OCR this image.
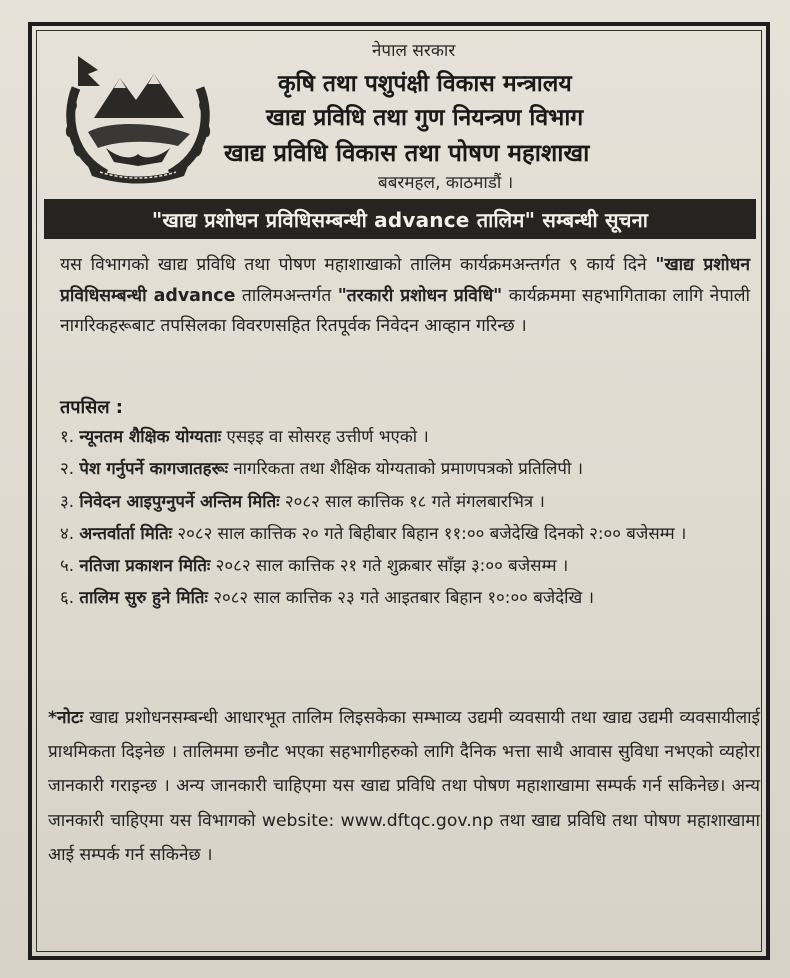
नेपाल सरकार
कृषि तथा पशुपंक्षी विकास मन्त्रालय
खाद्य प्रविधि तथा गुण नियन्त्रण विभाग
खाद्य प्रविधि विकास तथा पोषण महाशाखा
बबरमहल, काठमाडौं ।
"खाद्य प्रशोधन प्रविधिसम्बन्धी advance तालिम" सम्बन्धी सूचना
यस विभागको खाद्य प्रविधि तथा पोषण महाशाखाको तालिम कार्यक्रमअन्तर्गत ९ कार्य दिने "खाद्य प्रशोधन प्रविधिसम्बन्धी advance तालिमअन्तर्गत "तरकारी प्रशोधन प्रविधि" कार्यक्रममा सहभागिताका लागि नेपाली नागरिकहरूबाट तपसिलका विवरणसहित रितपूर्वक निवेदन आव्हान गरिन्छ ।
तपसिल :
१. न्यूनतम शैक्षिक योग्यताः एसइइ वा सोसरह उत्तीर्ण भएको ।
२. पेश गर्नुपर्ने कागजातहरूः नागरिकता तथा शैक्षिक योग्यताको प्रमाणपत्रको प्रतिलिपी ।
३. निवेदन आइपुग्नुपर्ने अन्तिम मितिः २०८२ साल कात्तिक १८ गते मंगलबारभित्र ।
४. अन्तर्वार्ता मितिः २०८२ साल कात्तिक २० गते बिहीबार बिहान ११:०० बजेदेखि दिनको २:०० बजेसम्म ।
५. नतिजा प्रकाशन मितिः २०८२ साल कात्तिक २१ गते शुक्रबार साँझ ३:०० बजेसम्म ।
६. तालिम सुरु हुने मितिः २०८२ साल कात्तिक २३ गते आइतबार बिहान १०:०० बजेदेखि ।
*नोटः खाद्य प्रशोधनसम्बन्धी आधारभूत तालिम लिइसकेका सम्भाव्य उद्यमी व्यवसायी तथा खाद्य उद्यमी व्यवसायीलाई प्राथमिकता दिइनेछ । तालिममा छनौट भएका सहभागीहरुको लागि दैनिक भत्ता साथै आवास सुविधा नभएको व्यहोरा जानकारी गराइन्छ । अन्य जानकारी चाहिएमा यस खाद्य प्रविधि तथा पोषण महाशाखामा सम्पर्क गर्न सकिनेछ। अन्य जानकारी चाहिएमा यस विभागको website: www.dftqc.gov.np तथा खाद्य प्रविधि तथा पोषण महाशाखामा आई सम्पर्क गर्न सकिनेछ ।
